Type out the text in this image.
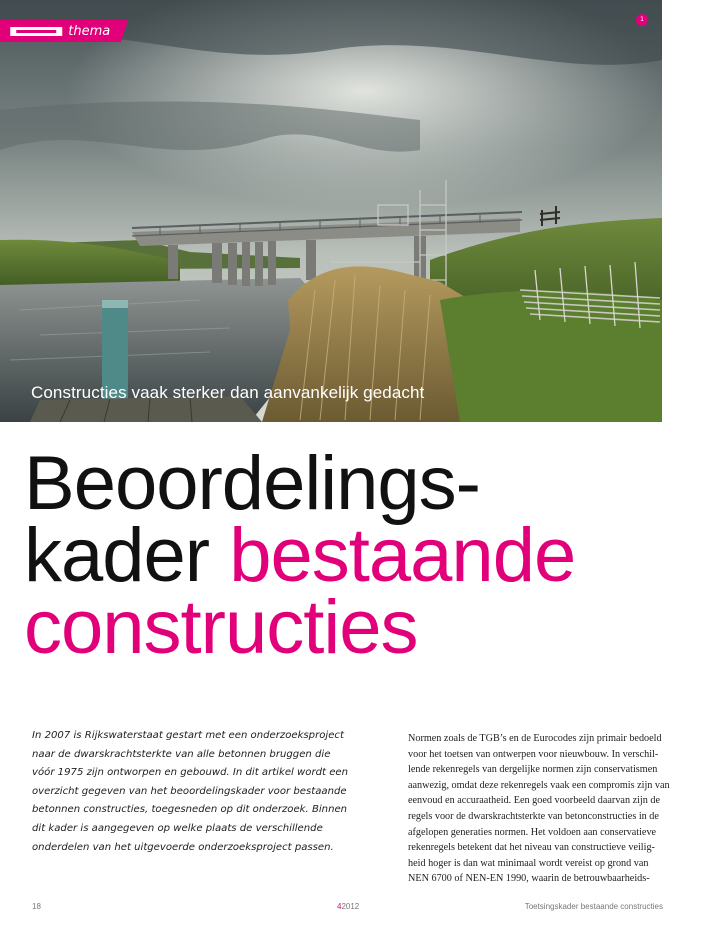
thema
1
Constructies vaak sterker dan aanvankelijk gedacht
Beoordelings-
kader bestaande
constructies

In 2007 is Rijkswaterstaat gestart met een onderzoeksproject
naar de dwarskrachtsterkte van alle betonnen bruggen die
vóór 1975 zijn ontworpen en gebouwd. In dit artikel wordt een
overzicht gegeven van het beoordelingskader voor bestaande
betonnen constructies, toegesneden op dit onderzoek. Binnen
dit kader is aangegeven op welke plaats de verschillende
onderdelen van het uitgevoerde onderzoeksproject passen.

Normen zoals de TGB’s en de Eurocodes zijn primair bedoeld
voor het toetsen van ontwerpen voor nieuwbouw. In verschil-
lende rekenregels van dergelijke normen zijn conservatismen
aanwezig, omdat deze rekenregels vaak een compromis zijn van
eenvoud en accuraatheid. Een goed voorbeeld daarvan zijn de
regels voor de dwarskrachtsterkte van betonconstructies in de
afgelopen generaties normen. Het voldoen aan conservatieve
rekenregels betekent dat het niveau van constructieve veilig-
heid hoger is dan wat minimaal wordt vereist op grond van
NEN 6700 of NEN-EN 1990, waarin de betrouwbaarheids-

18	42012	Toetsingskader bestaande constructies
